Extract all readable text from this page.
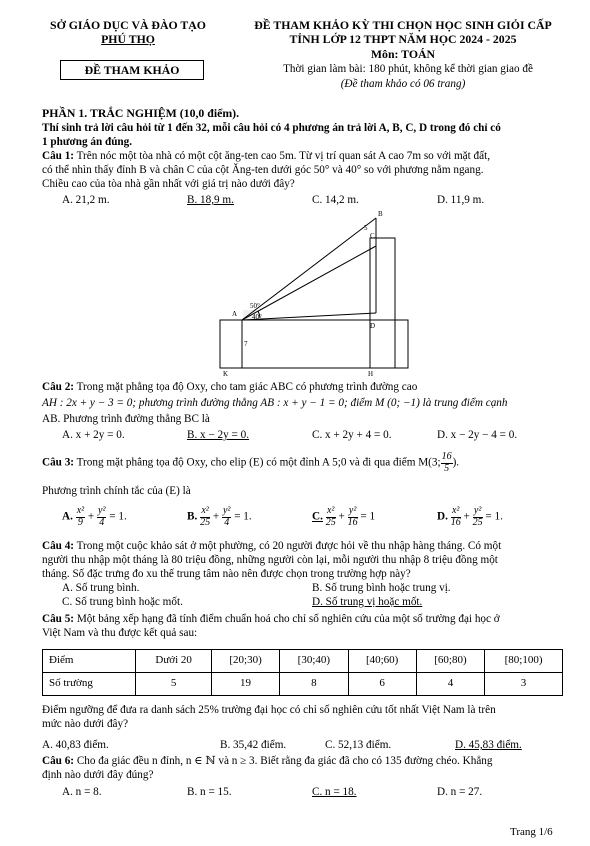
SỞ GIÁO DỤC VÀ ĐÀO TẠO
PHÚ THỌ
ĐỀ THAM KHẢO
ĐỀ THAM KHẢO KỲ THI CHỌN HỌC SINH GIỎI CẤP
TỈNH LỚP 12 THPT NĂM HỌC 2024 - 2025
Môn: TOÁN
Thời gian làm bài: 180 phút, không kể thời gian giao đề
(Đề tham khảo có 06 trang)
PHẦN 1. TRẮC NGHIỆM (10,0 điểm).
Thí sinh trả lời câu hỏi từ 1 đến 32, mỗi câu hỏi có 4 phương án trả lời A, B, C, D trong đó chỉ có
1 phương án đúng.
Câu 1: Trên nóc một tòa nhà có một cột ăng-ten cao 5m. Từ vị trí quan sát A cao 7m so với mặt đất,
có thể nhìn thấy đỉnh B và chân C của cột Ăng-ten dưới góc 50° và 40° so với phương nằm ngang.
Chiều cao của tòa nhà gần nhất với giá trị nào dưới đây?
A. 21,2 m.	B. 18,9 m.	C. 14,2 m.	D. 11,9 m.
B
C
5
A
50°
40°
D
7
K	H
Câu 2: Trong mặt phẳng tọa độ Oxy, cho tam giác ABC có phương trình đường cao
AH : 2x + y − 3 = 0; phương trình đường thẳng AB : x + y − 1 = 0; điểm M (0; −1) là trung điểm cạnh
AB. Phương trình đường thẳng BC là
A. x + 2y = 0.	B. x − 2y = 0.	C. x + 2y + 4 = 0.	D. x − 2y − 4 = 0.
Câu 3: Trong mặt phẳng tọa độ Oxy, cho elip (E) có một đỉnh A 5;0 và đi qua điểm M(3; $\frac{16}{5}$ ).
Phương trình chính tắc của (E) là
A. $\frac{\text{x²}}{9} + \frac{\text{y²}}{4} = 1$.	B. $\frac{\text{x²}}{25} + \frac{\text{y²}}{4} = 1$.	C. $\frac{\text{x²}}{25} + \frac{\text{y²}}{16} = 1$	D. $\frac{\text{x²}}{16} + \frac{\text{y²}}{25} = 1$.
Câu 4: Trong một cuộc khảo sát ở một phường, có 20 người được hỏi về thu nhập hàng tháng. Có một
người thu nhập một tháng là 80 triệu đồng, những người còn lại, mỗi người thu nhập 8 triệu đồng một
tháng. Số đặc trưng đo xu thế trung tâm nào nên được chọn trong trường hợp này?
A. Số trung bình.	B. Số trung bình hoặc trung vị.
C. Số trung bình hoặc mốt.	D. Số trung vị hoặc mốt.
Câu 5: Một bảng xếp hạng đã tính điểm chuẩn hoá cho chỉ số nghiên cứu của một số trường đại học ở
Việt Nam và thu được kết quả sau:
Điểm	Dưới 20	[20;30)	[30;40)	[40;60)	[60;80)	[80;100)
Số trường	5	19	8	6	4	3
Điểm ngưỡng để đưa ra danh sách 25% trường đại học có chỉ số nghiên cứu tốt nhất Việt Nam là trên
mức nào dưới đây?
A. 40,83 điểm.	B. 35,42 điểm.	C. 52,13 điểm.	D. 45,83 điểm.
Câu 6: Cho đa giác đều n đỉnh, n ∈ ℕ và n ≥ 3. Biết rằng đa giác đã cho có 135 đường chéo. Khẳng
định nào dưới đây đúng?
A. n = 8.	B. n = 15.	C. n = 18.	D. n = 27.
Trang 1/6
